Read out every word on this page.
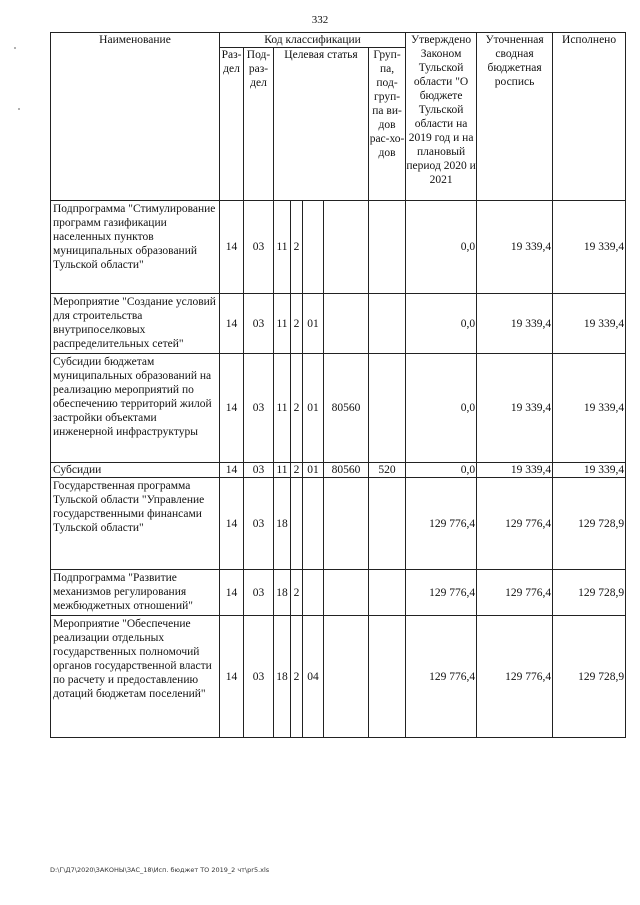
332
Наименование	Код классификации							Утверждено Законом Тульской области "О бюджете Тульской области на 2019 год и на плановый период 2020 и 2021	Уточненная сводная бюджетная роспись	Исполнено
	Раз-дел	Под-раз-дел	Целевая статья				Груп-па, под-груп-па ви-дов рас-хо-дов			
Подпрограмма "Стимулирование программ газификации населенных пунктов муниципальных образований Тульской области"	14	03	11	2				0,0	19 339,4	19 339,4
Мероприятие "Создание условий для строительства внутрипоселковых распределительных сетей"	14	03	11	2	01			0,0	19 339,4	19 339,4
Субсидии бюджетам муниципальных образований на реализацию мероприятий по обеспечению территорий жилой застройки объектами инженерной инфраструктуры	14	03	11	2	01	80560		0,0	19 339,4	19 339,4
Субсидии	14	03	11	2	01	80560	520	0,0	19 339,4	19 339,4
Государственная программа Тульской области "Управление государственными финансами Тульской области"	14	03	18					129 776,4	129 776,4	129 728,9
Подпрограмма "Развитие механизмов регулирования межбюджетных отношений"	14	03	18	2				129 776,4	129 776,4	129 728,9
Мероприятие "Обеспечение реализации отдельных государственных полномочий органов государственной власти по расчету и предоставлению дотаций бюджетам поселений"	14	03	18	2	04			129 776,4	129 776,4	129 728,9
D:\Г\Д7\2020\ЗАКОНЫ\ЗАС_18\Исп. бюджет ТО 2019_2 чт\pr5.xls
